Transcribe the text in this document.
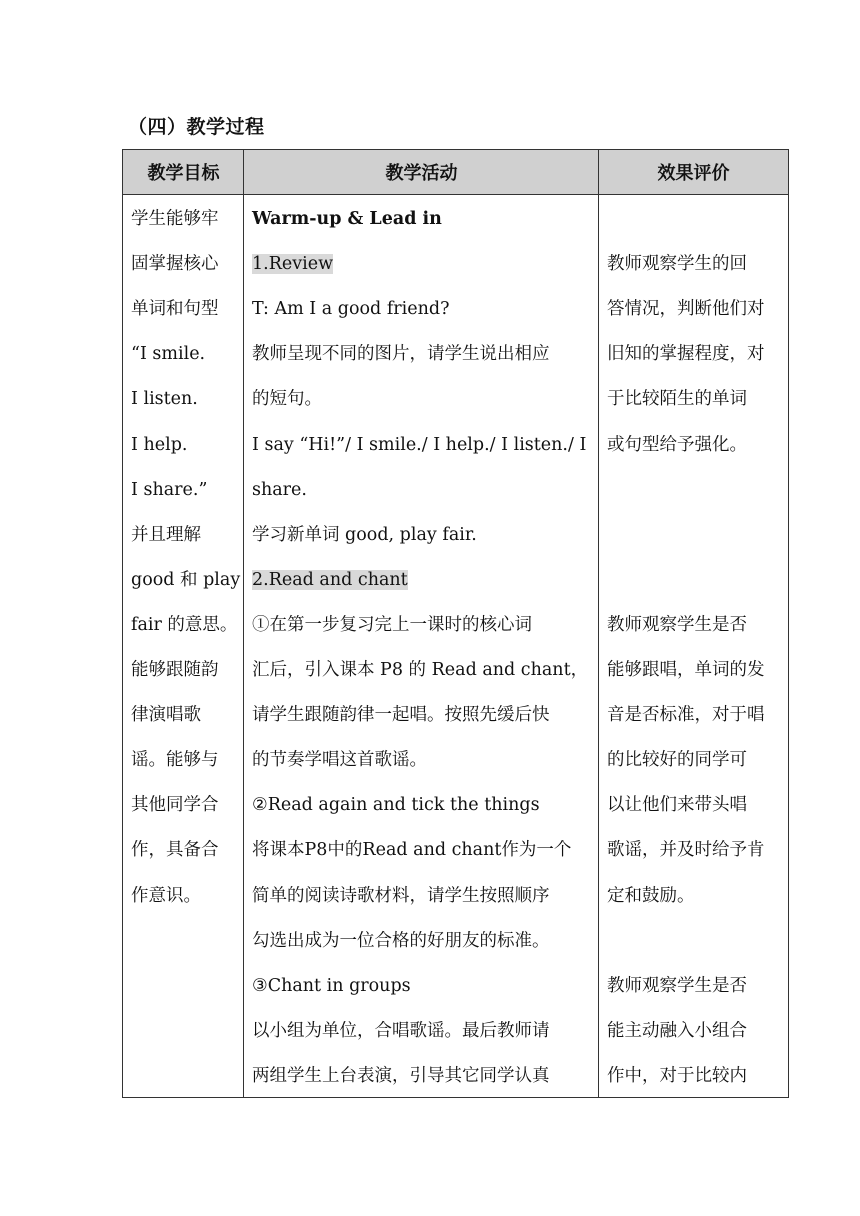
（四）教学过程
教学目标	教学活动	效果评价
学生能够牢
固掌握核心
单词和句型
“I smile.
I listen.
I help.
I share.”
并且理解
good 和 play
fair 的意思。
能够跟随韵
律演唱歌
谣。能够与
其他同学合
作，具备合
作意识。
Warm-up & Lead in
1.Review
T: Am I a good friend?
教师呈现不同的图片，请学生说出相应
的短句。
I say “Hi!”/ I smile./ I help./ I listen./ I
share.
学习新单词 good, play fair.
2.Read and chant
①在第一步复习完上一课时的核心词
汇后，引入课本 P8 的 Read and chant，
请学生跟随韵律一起唱。按照先缓后快
的节奏学唱这首歌谣。
②Read again and tick the things
将课本P8中的Read and chant作为一个
简单的阅读诗歌材料，请学生按照顺序
勾选出成为一位合格的好朋友的标准。
③Chant in groups
以小组为单位，合唱歌谣。最后教师请
两组学生上台表演，引导其它同学认真
教师观察学生的回
答情况，判断他们对
旧知的掌握程度，对
于比较陌生的单词
或句型给予强化。
教师观察学生是否
能够跟唱，单词的发
音是否标准，对于唱
的比较好的同学可
以让他们来带头唱
歌谣，并及时给予肯
定和鼓励。
教师观察学生是否
能主动融入小组合
作中，对于比较内
